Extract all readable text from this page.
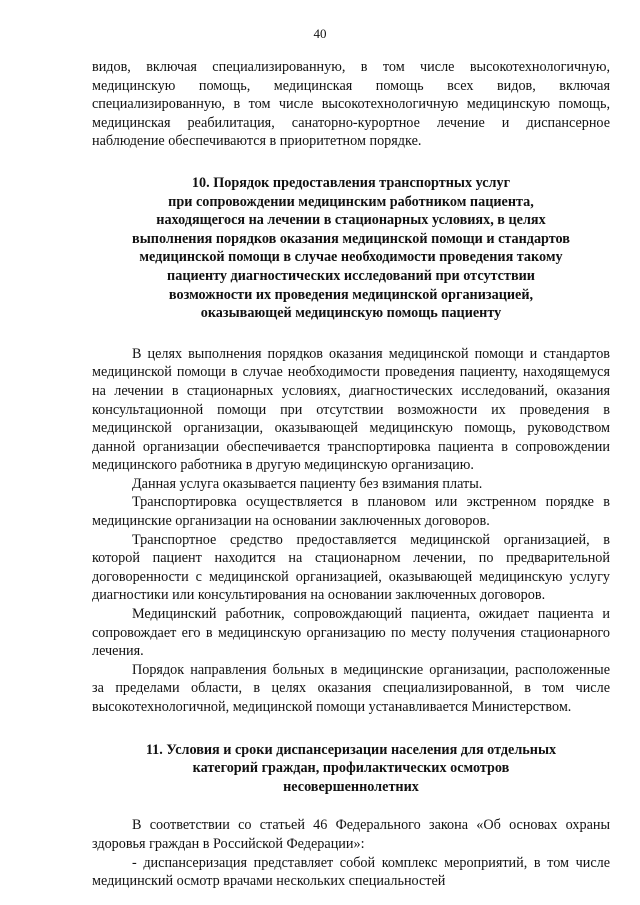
40

видов, включая специализированную, в том числе высокотехнологичную, медицинскую помощь, медицинская помощь всех видов, включая специализированную, в том числе высокотехнологичную медицинскую помощь, медицинская реабилитация, санаторно-курортное лечение и диспансерное наблюдение обеспечиваются в приоритетном порядке.

10. Порядок предоставления транспортных услуг
при сопровождении медицинским работником пациента,
находящегося на лечении в стационарных условиях, в целях
выполнения порядков оказания медицинской помощи и стандартов
медицинской помощи в случае необходимости проведения такому
пациенту диагностических исследований при отсутствии
возможности их проведения медицинской организацией,
оказывающей медицинскую помощь пациенту

В целях выполнения порядков оказания медицинской помощи и стандартов медицинской помощи в случае необходимости проведения пациенту, находящемуся на лечении в стационарных условиях, диагностических исследований, оказания консультационной помощи при отсутствии возможности их проведения в медицинской организации, оказывающей медицинскую помощь, руководством данной организации обеспечивается транспортировка пациента в сопровождении медицинского работника в другую медицинскую организацию.

Данная услуга оказывается пациенту без взимания платы.

Транспортировка осуществляется в плановом или экстренном порядке в медицинские организации на основании заключенных договоров.

Транспортное средство предоставляется медицинской организацией, в которой пациент находится на стационарном лечении, по предварительной договоренности с медицинской организацией, оказывающей медицинскую услугу диагностики или консультирования на основании заключенных договоров.

Медицинский работник, сопровождающий пациента, ожидает пациента и сопровождает его в медицинскую организацию по месту получения стационарного лечения.

Порядок направления больных в медицинские организации, расположенные за пределами области, в целях оказания специализированной, в том числе высокотехнологичной, медицинской помощи устанавливается Министерством.

11. Условия и сроки диспансеризации населения для отдельных
категорий граждан, профилактических осмотров
несовершеннолетних

В соответствии со статьей 46 Федерального закона «Об основах охраны здоровья граждан в Российской Федерации»:

- диспансеризация представляет собой комплекс мероприятий, в том числе медицинский осмотр врачами нескольких специальностей
